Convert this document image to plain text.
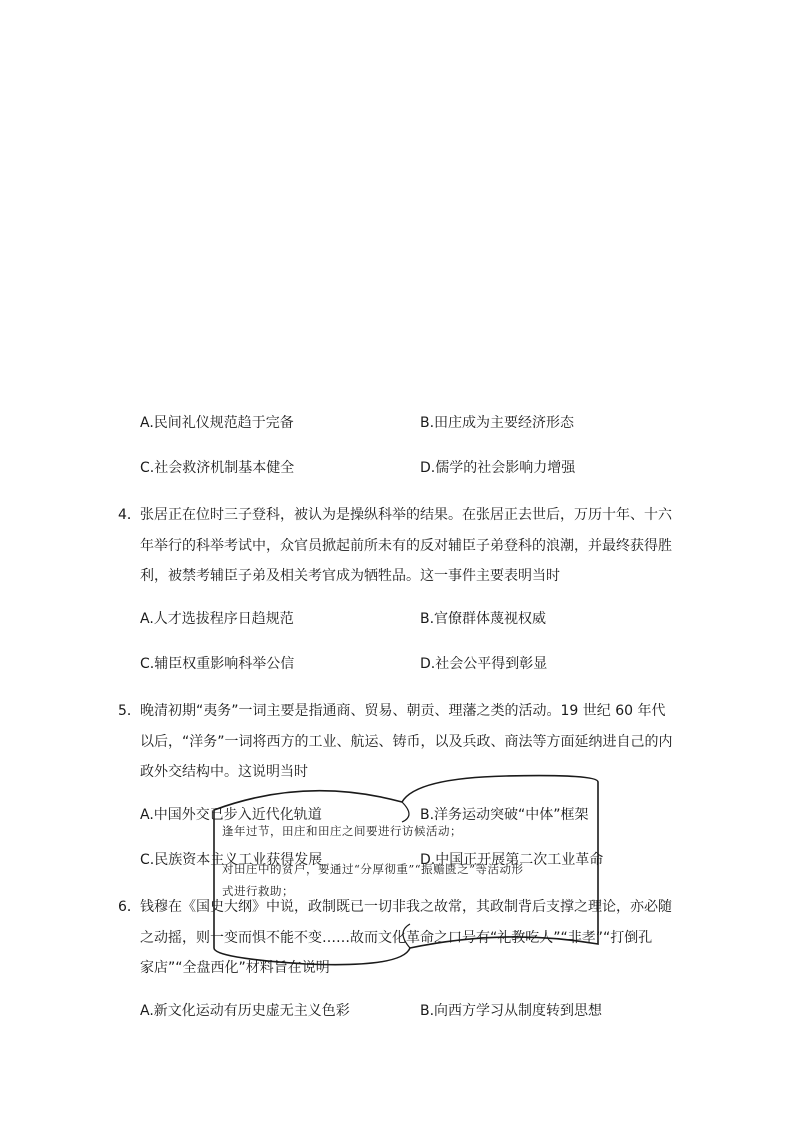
A.民间礼仪规范趋于完备	B.田庄成为主要经济形态
C.社会救济机制基本健全	D.儒学的社会影响力增强
4． 张居正在位时三子登科，被认为是操纵科举的结果。在张居正去世后，万历十年、十六
年举行的科举考试中，众官员掀起前所未有的反对辅臣子弟登科的浪潮，并最终获得胜
利，被禁考辅臣子弟及相关考官成为牺牲品。这一事件主要表明当时
A.人才选拔程序日趋规范	B.官僚群体蔑视权威
C.辅臣权重影响科举公信	D.社会公平得到彰显
5． 晚清初期“夷务”一词主要是指通商、贸易、朝贡、理藩之类的活动。19 世纪 60 年代
以后，“洋务”一词将西方的工业、航运、铸币，以及兵政、商法等方面延纳进自己的内
政外交结构中。这说明当时
A.中国外交已步入近代化轨道	B.洋务运动突破“中体”框架
C.民族资本主义工业获得发展	D.中国正开展第二次工业革命
6． 钱穆在《国史大纲》中说，政制既已一切非我之故常，其政制背后支撑之理论，亦必随
之动摇，则一变而惧不能不变……故而文化革命之口号有“礼教吃人”“非孝”“打倒孔
家店”“全盘西化”材料旨在说明
A.新文化运动有历史虚无主义色彩	B.向西方学习从制度转到思想
逢年过节，田庄和田庄之间要进行访候活动；
对田庄中的贫户，要通过“分厚彻重”“振赡匮乏”等活动形
式进行救助；
